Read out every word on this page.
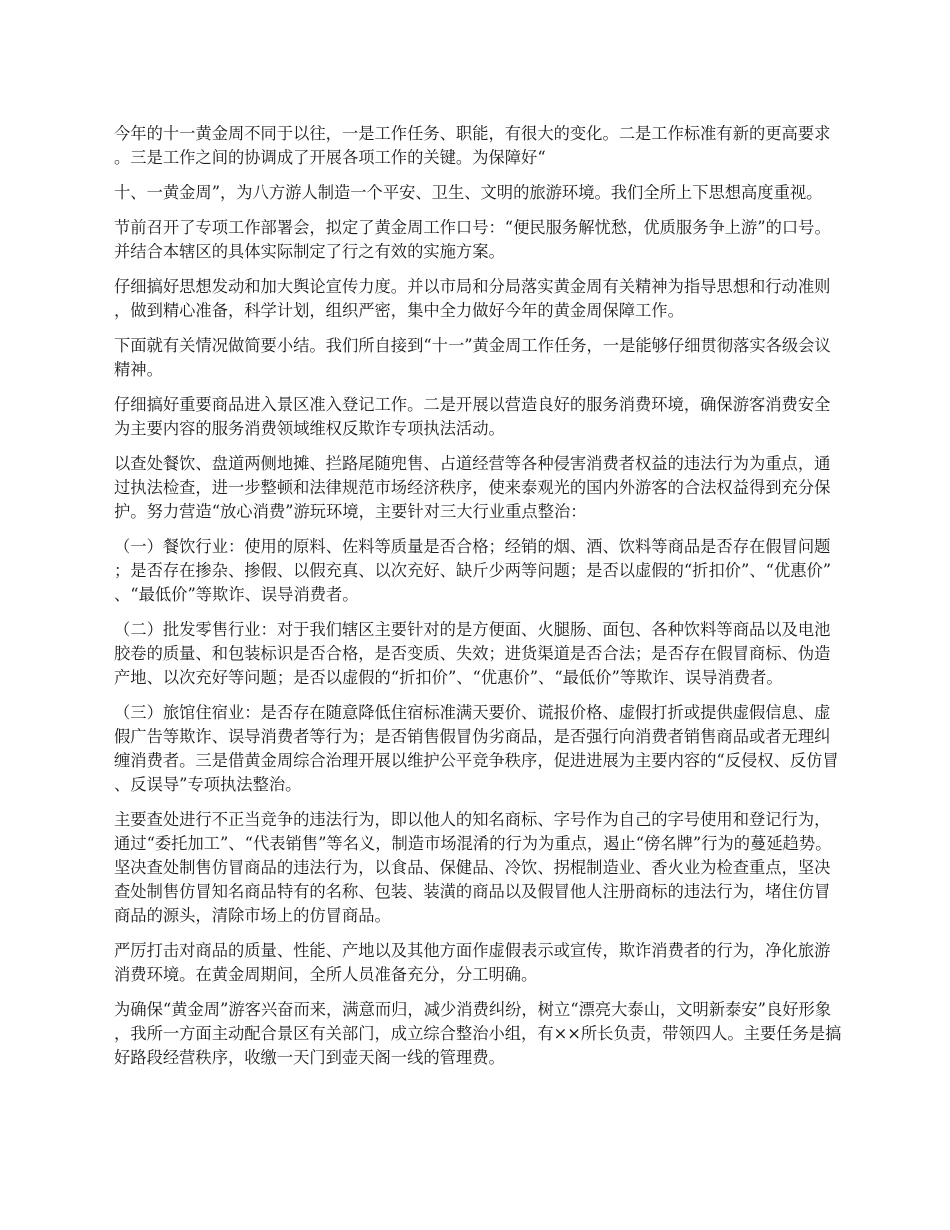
今年的十一黄金周不同于以往，一是工作任务、职能，有很大的变化。二是工作标准有新的更高要求。三是工作之间的协调成了开展各项工作的关键。为保障好“

十、一黄金周”，为八方游人制造一个平安、卫生、文明的旅游环境。我们全所上下思想高度重视。

节前召开了专项工作部署会，拟定了黄金周工作口号：“便民服务解忧愁，优质服务争上游”的口号。并结合本辖区的具体实际制定了行之有效的实施方案。

仔细搞好思想发动和加大舆论宣传力度。并以市局和分局落实黄金周有关精神为指导思想和行动准则，做到精心准备，科学计划，组织严密，集中全力做好今年的黄金周保障工作。

下面就有关情况做简要小结。我们所自接到“十一”黄金周工作任务，一是能够仔细贯彻落实各级会议精神。

仔细搞好重要商品进入景区准入登记工作。二是开展以营造良好的服务消费环境，确保游客消费安全为主要内容的服务消费领域维权反欺诈专项执法活动。

以查处餐饮、盘道两侧地摊、拦路尾随兜售、占道经营等各种侵害消费者权益的违法行为为重点，通过执法检查，进一步整顿和法律规范市场经济秩序，使来泰观光的国内外游客的合法权益得到充分保护。努力营造“放心消费”游玩环境，主要针对三大行业重点整治：

（一）餐饮行业：使用的原料、佐料等质量是否合格；经销的烟、酒、饮料等商品是否存在假冒问题；是否存在掺杂、掺假、以假充真、以次充好、缺斤少两等问题；是否以虚假的“折扣价”、“优惠价”、“最低价”等欺诈、误导消费者。

（二）批发零售行业：对于我们辖区主要针对的是方便面、火腿肠、面包、各种饮料等商品以及电池胶卷的质量、和包装标识是否合格，是否变质、失效；进货渠道是否合法；是否存在假冒商标、伪造产地、以次充好等问题；是否以虚假的“折扣价”、“优惠价”、“最低价”等欺诈、误导消费者。

（三）旅馆住宿业：是否存在随意降低住宿标准满天要价、谎报价格、虚假打折或提供虚假信息、虚假广告等欺诈、误导消费者等行为；是否销售假冒伪劣商品，是否强行向消费者销售商品或者无理纠缠消费者。三是借黄金周综合治理开展以维护公平竞争秩序，促进进展为主要内容的“反侵权、反仿冒、反误导”专项执法整治。

主要查处进行不正当竞争的违法行为，即以他人的知名商标、字号作为自己的字号使用和登记行为，通过“委托加工”、“代表销售”等名义，制造市场混淆的行为为重点，遏止“傍名牌”行为的蔓延趋势。坚决查处制售仿冒商品的违法行为，以食品、保健品、冷饮、拐棍制造业、香火业为检查重点，坚决查处制售仿冒知名商品特有的名称、包装、装潢的商品以及假冒他人注册商标的违法行为，堵住仿冒商品的源头，清除市场上的仿冒商品。

严厉打击对商品的质量、性能、产地以及其他方面作虚假表示或宣传，欺诈消费者的行为，净化旅游消费环境。在黄金周期间，全所人员准备充分，分工明确。

为确保“黄金周”游客兴奋而来，满意而归，减少消费纠纷，树立“漂亮大泰山，文明新泰安”良好形象，我所一方面主动配合景区有关部门，成立综合整治小组，有××所长负责，带领四人。主要任务是搞好路段经营秩序，收缴一天门到壶天阁一线的管理费。
